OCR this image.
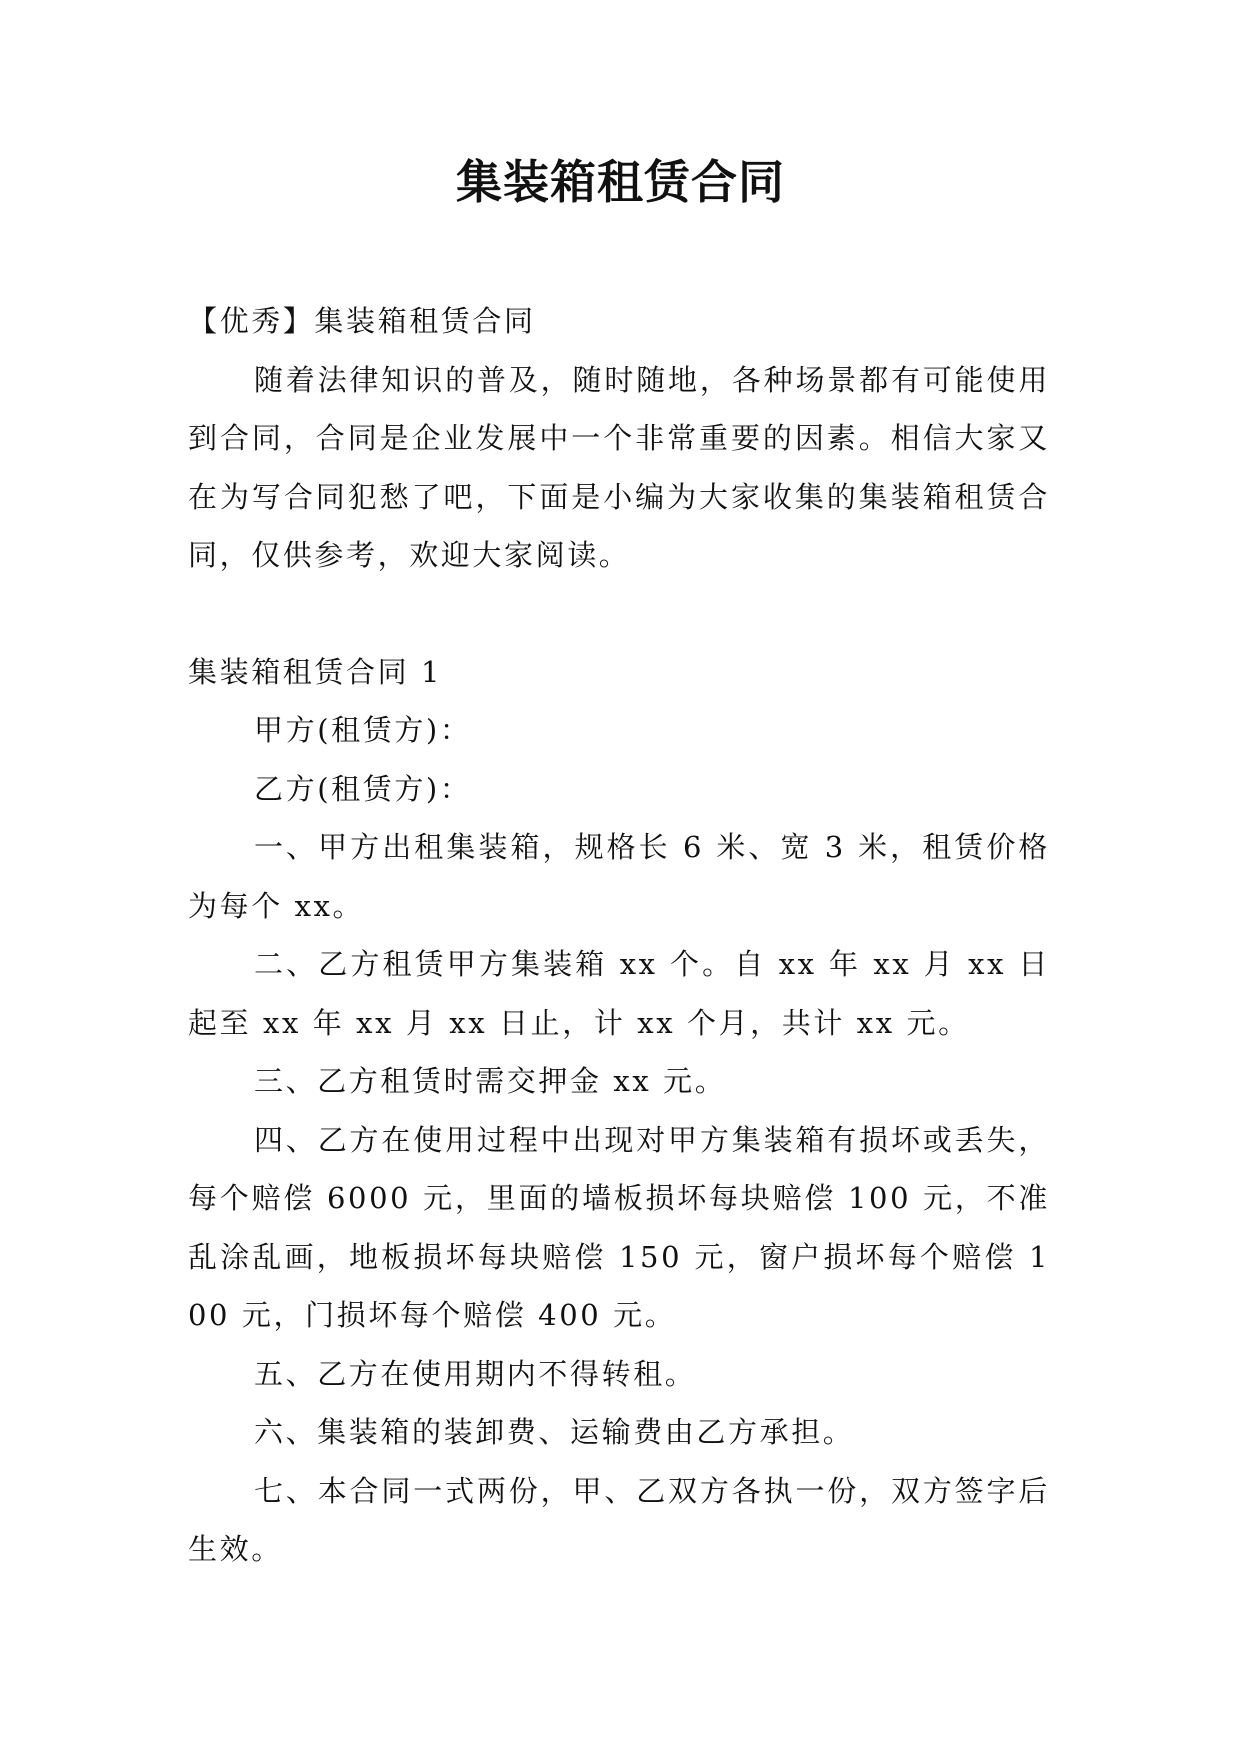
集装箱租赁合同

【优秀】集装箱租赁合同

随着法律知识的普及，随时随地，各种场景都有可能使用到合同，合同是企业发展中一个非常重要的因素。相信大家又在为写合同犯愁了吧，下面是小编为大家收集的集装箱租赁合同，仅供参考，欢迎大家阅读。

集装箱租赁合同 1

甲方(租赁方)：

乙方(租赁方)：

一、甲方出租集装箱，规格长 6 米、宽 3 米，租赁价格为每个 xx。

二、乙方租赁甲方集装箱 xx 个。自 xx 年 xx 月 xx 日起至 xx 年 xx 月 xx 日止，计 xx 个月，共计 xx 元。

三、乙方租赁时需交押金 xx 元。

四、乙方在使用过程中出现对甲方集装箱有损坏或丢失，每个赔偿 6000 元，里面的墙板损坏每块赔偿 100 元，不准乱涂乱画，地板损坏每块赔偿 150 元，窗户损坏每个赔偿 100 元，门损坏每个赔偿 400 元。

五、乙方在使用期内不得转租。

六、集装箱的装卸费、运输费由乙方承担。

七、本合同一式两份，甲、乙双方各执一份，双方签字后生效。
